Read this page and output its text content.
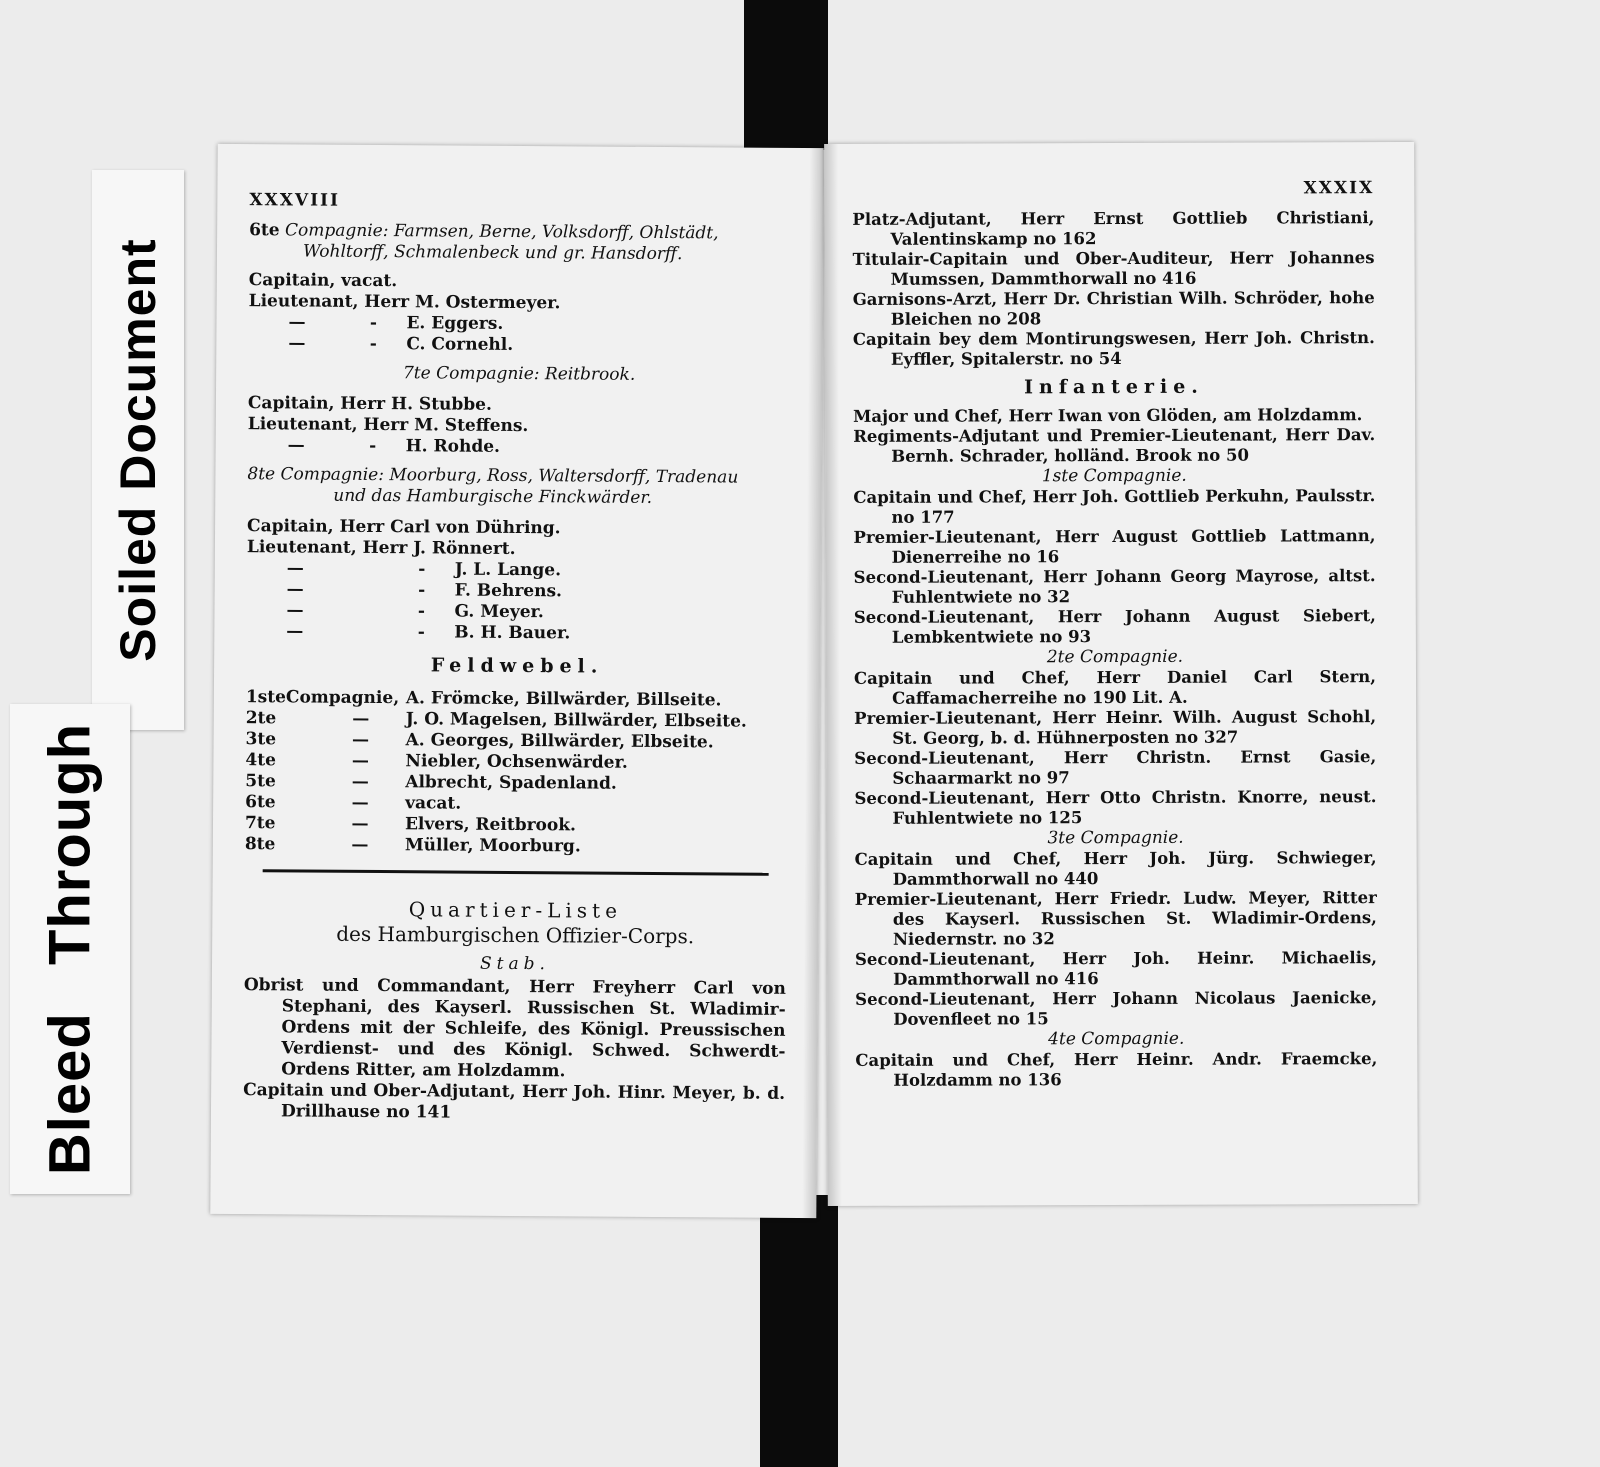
XXXVIII
6te Compagnie: Farmsen, Berne, Volksdorff, Ohlstädt,
Wohltorff, Schmalenbeck und gr. Hansdorff.
Capitain, vacat.
Lieutenant, Herr M. Ostermeyer.
—	-	E. Eggers.
—	-	C. Cornehl.
7te Compagnie: Reitbrook.
Capitain, Herr H. Stubbe.
Lieutenant, Herr M. Steffens.
—	-	H. Rohde.
8te Compagnie: Moorburg, Ross, Waltersdorff, Tradenau
und das Hamburgische Finckwärder.
Capitain, Herr Carl von Dühring.
Lieutenant, Herr J. Rönnert.
—	-	J. L. Lange.
—	-	F. Behrens.
—	-	G. Meyer.
—	-	B. H. Bauer.
Feldwebel.
1steCompagnie, A. Frömcke, Billwärder, Billseite.
2te	—	J. O. Magelsen, Billwärder, Elbseite.
3te	—	A. Georges, Billwärder, Elbseite.
4te	—	Niebler, Ochsenwärder.
5te	—	Albrecht, Spadenland.
6te	—	vacat.
7te	—	Elvers, Reitbrook.
8te	—	Müller, Moorburg.
Quartier-Liste
des Hamburgischen Offizier-Corps.
Stab.
Obrist und Commandant, Herr Freyherr Carl von Stephani, des Kayserl. Russischen St. Wladimir-Ordens mit der Schleife, des Königl. Preussischen Verdienst- und des Königl. Schwed. Schwerdt-Ordens Ritter, am Holzdamm.
Capitain und Ober-Adjutant, Herr Joh. Hinr. Meyer, b. d. Drillhause no 141
XXXIX
Platz-Adjutant, Herr Ernst Gottlieb Christiani, Valentinskamp no 162
Titulair-Capitain und Ober-Auditeur, Herr Johannes Mumssen, Dammthorwall no 416
Garnisons-Arzt, Herr Dr. Christian Wilh. Schröder, hohe Bleichen no 208
Capitain bey dem Montirungswesen, Herr Joh. Christn. Eyffler, Spitalerstr. no 54
Infanterie.
Major und Chef, Herr Iwan von Glöden, am Holzdamm.
Regiments-Adjutant und Premier-Lieutenant, Herr Dav. Bernh. Schrader, holländ. Brook no 50
1ste Compagnie.
Capitain und Chef, Herr Joh. Gottlieb Perkuhn, Paulsstr. no 177
Premier-Lieutenant, Herr August Gottlieb Lattmann, Dienerreihe no 16
Second-Lieutenant, Herr Johann Georg Mayrose, altst. Fuhlentwiete no 32
Second-Lieutenant, Herr Johann August Siebert, Lembkentwiete no 93
2te Compagnie.
Capitain und Chef, Herr Daniel Carl Stern, Caffamacherreihe no 190 Lit. A.
Premier-Lieutenant, Herr Heinr. Wilh. August Schohl, St. Georg, b. d. Hühnerposten no 327
Second-Lieutenant, Herr Christn. Ernst Gasie, Schaarmarkt no 97
Second-Lieutenant, Herr Otto Christn. Knorre, neust. Fuhlentwiete no 125
3te Compagnie.
Capitain und Chef, Herr Joh. Jürg. Schwieger, Dammthorwall no 440
Premier-Lieutenant, Herr Friedr. Ludw. Meyer, Ritter des Kayserl. Russischen St. Wladimir-Ordens, Niedernstr. no 32
Second-Lieutenant, Herr Joh. Heinr. Michaelis, Dammthorwall no 416
Second-Lieutenant, Herr Johann Nicolaus Jaenicke, Dovenfleet no 15
4te Compagnie.
Capitain und Chef, Herr Heinr. Andr. Fraemcke, Holzdamm no 136
Soiled Document
Bleed Through
